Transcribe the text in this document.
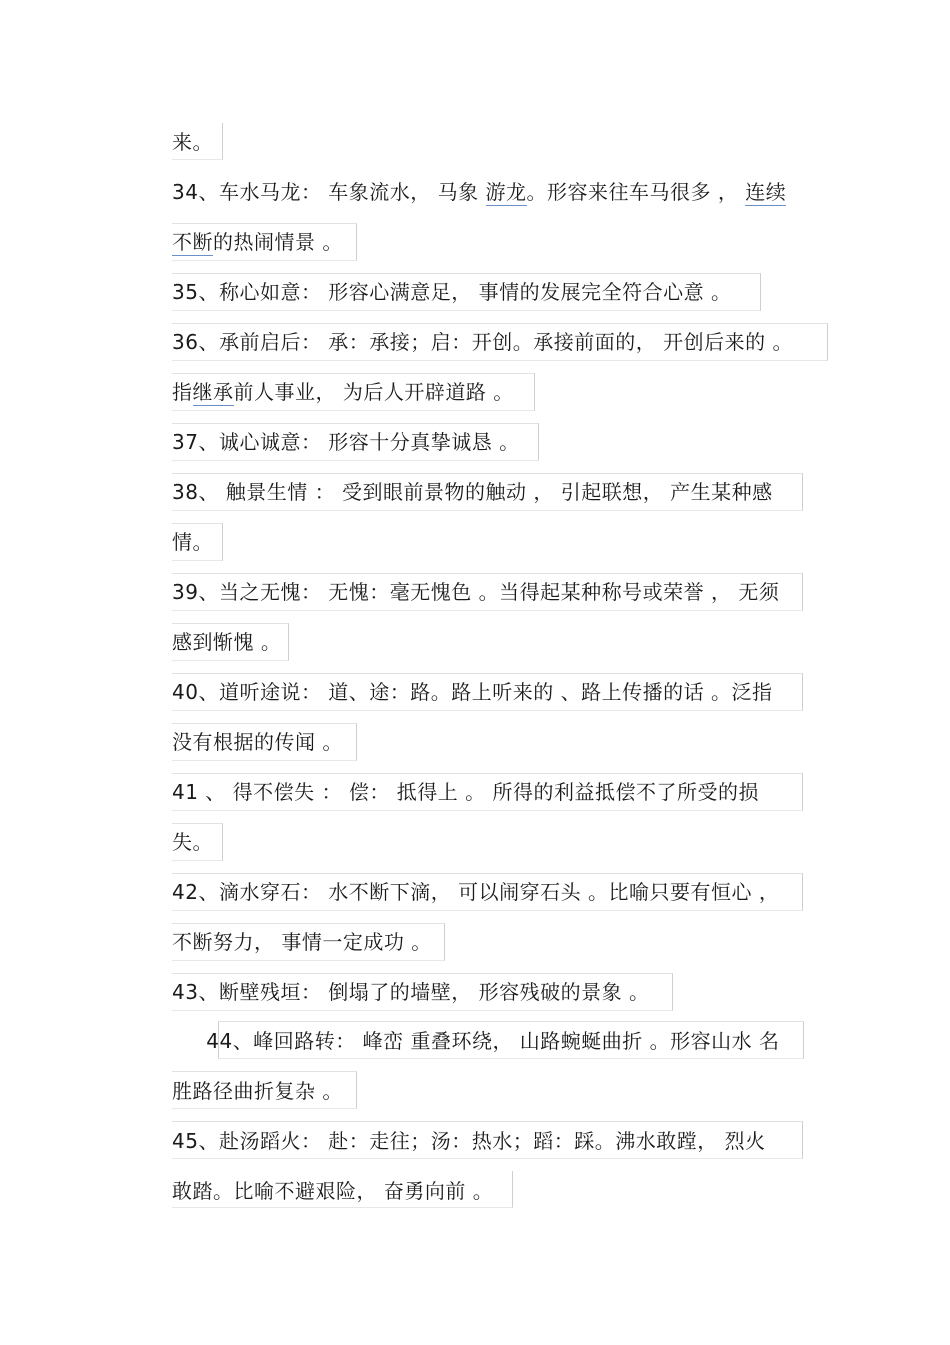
来。
34、车水马龙： 车象流水， 马象 游龙。形容来往车马很多 ， 连续
不断的热闹情景 。
35、称心如意： 形容心满意足， 事情的发展完全符合心意 。
36、承前启后： 承：承接；启：开创。承接前面的， 开创后来的 。
指继承前人事业， 为后人开辟道路 。
37、诚心诚意： 形容十分真挚诚恳 。
38、 触景生情 ： 受到眼前景物的触动 ， 引起联想， 产生某种感
情。
39、当之无愧： 无愧：毫无愧色 。当得起某种称号或荣誉 ， 无须
感到惭愧 。
40、道听途说： 道、途：路。路上听来的 、路上传播的话 。泛指
没有根据的传闻 。
41 、 得不偿失 ： 偿： 抵得上 。 所得的利益抵偿不了所受的损
失。
42、滴水穿石： 水不断下滴， 可以闹穿石头 。比喻只要有恒心 ，
不断努力， 事情一定成功 。
43、断壁残垣： 倒塌了的墙壁， 形容残破的景象 。
44、峰回路转： 峰峦 重叠环绕， 山路蜿蜒曲折 。形容山水 名
胜路径曲折复杂 。
45、赴汤蹈火： 赴：走往；汤：热水；蹈：踩。沸水敢蹚， 烈火
敢踏。比喻不避艰险， 奋勇向前 。
